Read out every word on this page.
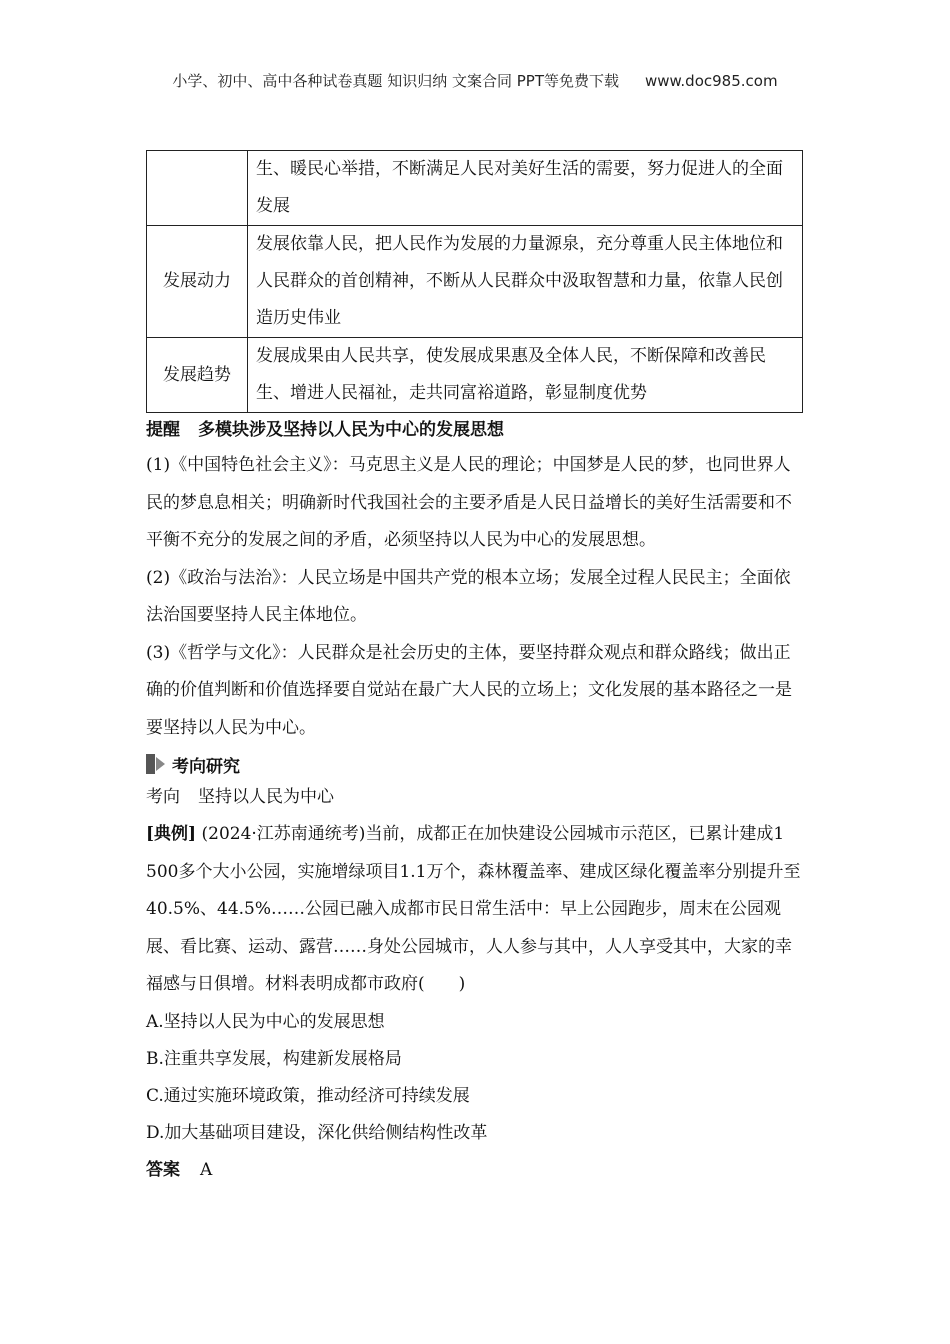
小学、初中、高中各种试卷真题 知识归纳 文案合同 PPT等免费下载 www.doc985.com
	生、暖民心举措，不断满足人民对美好生活的需要，努力促进人的全面发展
发展动力	发展依靠人民，把人民作为发展的力量源泉，充分尊重人民主体地位和人民群众的首创精神，不断从人民群众中汲取智慧和力量，依靠人民创造历史伟业
发展趋势	发展成果由人民共享，使发展成果惠及全体人民，不断保障和改善民生、增进人民福祉，走共同富裕道路，彰显制度优势
提醒 多模块涉及坚持以人民为中心的发展思想
(1)《中国特色社会主义》：马克思主义是人民的理论；中国梦是人民的梦，也同世界人民的梦息息相关；明确新时代我国社会的主要矛盾是人民日益增长的美好生活需要和不平衡不充分的发展之间的矛盾，必须坚持以人民为中心的发展思想。
(2)《政治与法治》：人民立场是中国共产党的根本立场；发展全过程人民民主；全面依法治国要坚持人民主体地位。
(3)《哲学与文化》：人民群众是社会历史的主体，要坚持群众观点和群众路线；做出正确的价值判断和价值选择要自觉站在最广大人民的立场上；文化发展的基本路径之一是要坚持以人民为中心。
考向研究
考向 坚持以人民为中心
[典例] (2024·江苏南通统考)当前，成都正在加快建设公园城市示范区，已累计建成1 500多个大小公园，实施增绿项目1.1万个，森林覆盖率、建成区绿化覆盖率分别提升至40.5%、44.5%……公园已融入成都市民日常生活中：早上公园跑步，周末在公园观展、看比赛、运动、露营……身处公园城市，人人参与其中，人人享受其中，大家的幸福感与日俱增。材料表明成都市政府(　　)
A.坚持以人民为中心的发展思想
B.注重共享发展，构建新发展格局
C.通过实施环境政策，推动经济可持续发展
D.加大基础项目建设，深化供给侧结构性改革
答案 A
